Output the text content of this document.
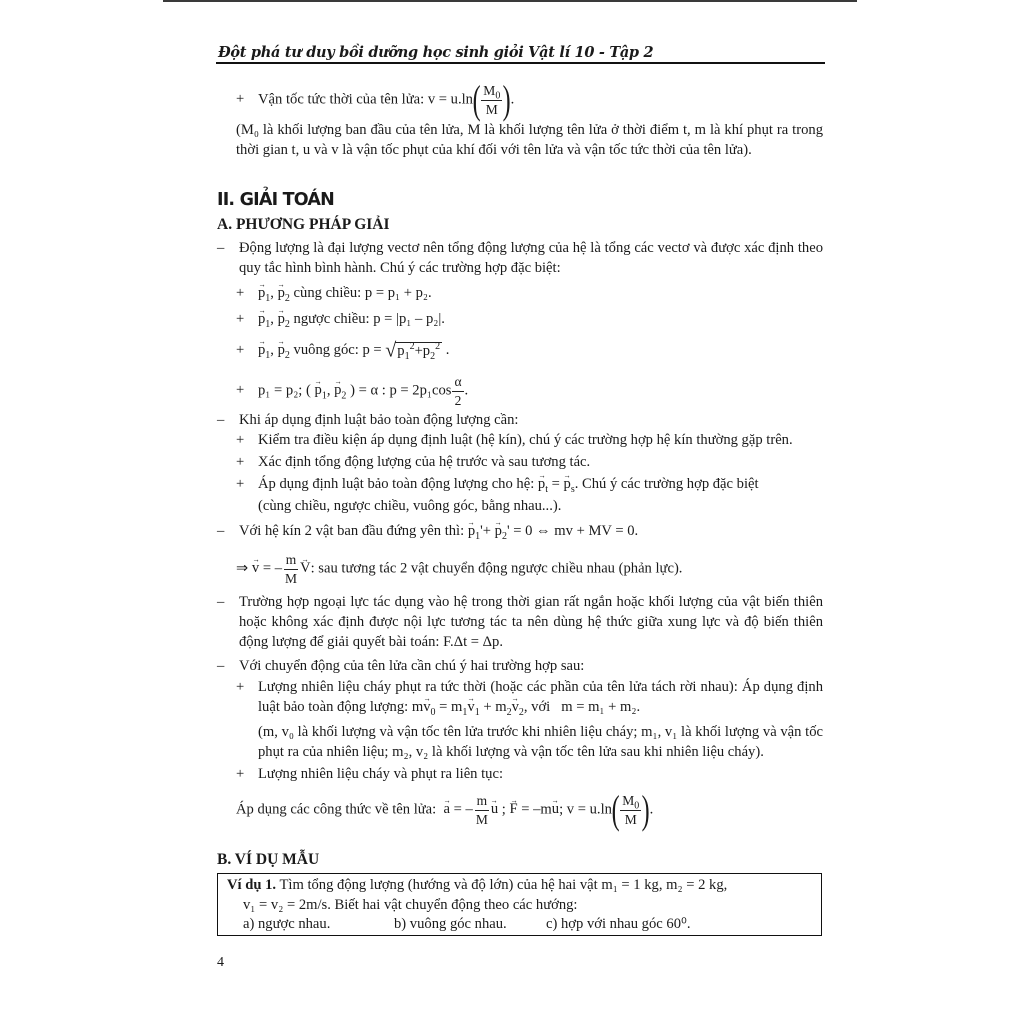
Đột phá tư duy bồi dưỡng học sinh giỏi Vật lí 10 - Tập 2
+ Vận tốc tức thời của tên lửa: $v = u.\ln( \frac{M_0}{M}$ ).
(M₀ là khối lượng ban đầu của tên lửa, M là khối lượng tên lửa ở thời điểm t, m là khí phụt ra trong thời gian t, u và v là vận tốc phụt của khí đối với tên lửa và vận tốc tức thời của tên lửa).
II. GIẢI TOÁN
A. PHƯƠNG PHÁP GIẢI
–	Động lượng là đại lượng vectơ nên tổng động lượng của hệ là tổng các vectơ và được xác định theo quy tắc hình bình hành. Chú ý các trường hợp đặc biệt:
+ → $p_1$, → $p_2$ cùng chiều: p = p₁ + p₂.
+ → $p_1$, → $p_2$ ngược chiều: p = |p₁ – p₂|.
+ → $p_1$, → $p_2$ vuông góc: $p = √p_1^2+p_2^2$ .
+ p₁ = p₂; ( → $p_1$, → $p_2$ ) = α : $p = 2p_1\cos \frac{\alpha}{2}$ .
– Khi áp dụng định luật bảo toàn động lượng cần:
+ Kiểm tra điều kiện áp dụng định luật (hệ kín), chú ý các trường hợp hệ kín thường gặp trên.
+ Xác định tổng động lượng của hệ trước và sau tương tác.
+ Áp dụng định luật bảo toàn động lượng cho hệ: → $p_t$ = → $p_s$. Chú ý các trường hợp đặc biệt
(cùng chiều, ngược chiều, vuông góc, bằng nhau...).
– Với hệ kín 2 vật ban đầu đứng yên thì: → $p_1'+ \to p_2' = 0$ ⇔ mv + MV = 0.
⇒ → v = – $\frac{m}{M} \to V$: sau tương tác 2 vật chuyển động ngược chiều nhau (phản lực).
–	Trường hợp ngoại lực tác dụng vào hệ trong thời gian rất ngắn hoặc khối lượng của vật biến thiên hoặc không xác định được nội lực tương tác ta nên dùng hệ thức giữa xung lực và độ biến thiên động lượng để giải quyết bài toán: F.Δt = Δp.
– Với chuyển động của tên lửa cần chú ý hai trường hợp sau:
+ Lượng nhiên liệu cháy phụt ra tức thời (hoặc các phần của tên lửa tách rời nhau): Áp dụng định luật bảo toàn động lượng: $m\to v_0 = m_1\to v_1 + m_2\to v_2$, với m = m₁ + m₂.
(m, v₀ là khối lượng và vận tốc tên lửa trước khi nhiên liệu cháy; m₁, v₁ là khối lượng và vận tốc phụt ra của nhiên liệu; m₂, v₂ là khối lượng và vận tốc tên lửa sau khi nhiên liệu cháy).
+ Lượng nhiên liệu cháy và phụt ra liên tục:
Áp dụng các công thức về tên lửa: → a = – $\frac{m}{M} \to u$ ; → F = –m→ u; $v = u.\ln( \frac{M_0}{M}$ ).
B. VÍ DỤ MẪU
Ví dụ 1. Tìm tổng động lượng (hướng và độ lớn) của hệ hai vật m₁ = 1 kg, m₂ = 2 kg,
v₁ = v₂ = 2m/s. Biết hai vật chuyển động theo các hướng:
a) ngược nhau.	b) vuông góc nhau.	c) hợp với nhau góc 60⁰.
4
